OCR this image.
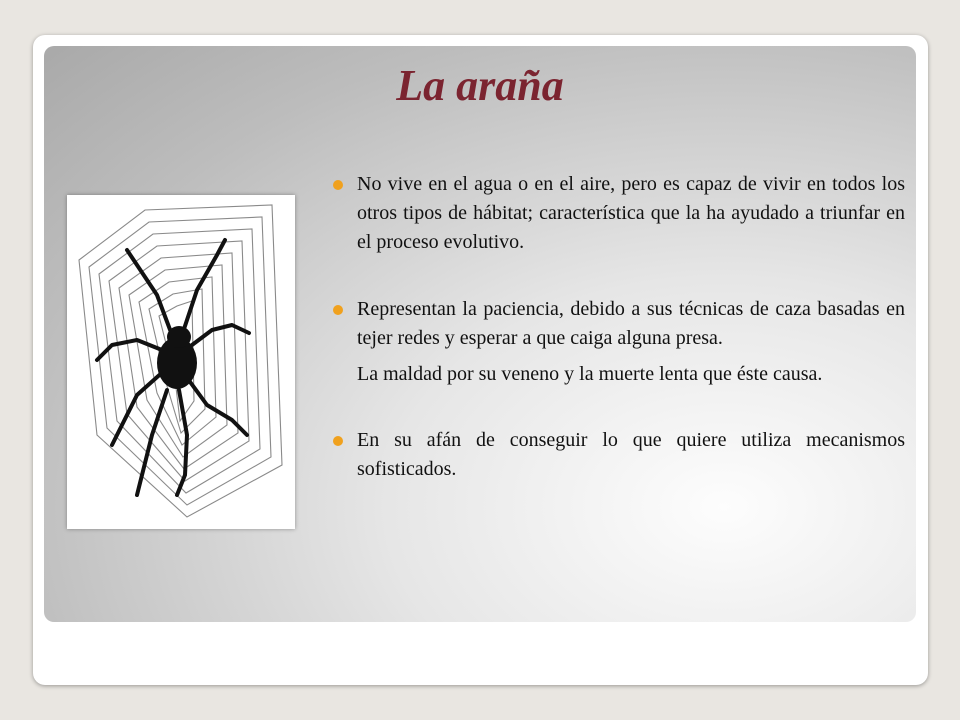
La araña

No vive en el agua o en el aire, pero es capaz de vivir en todos los otros tipos de hábitat; característica que la ha ayudado a triunfar en el proceso evolutivo.

Representan la paciencia, debido a sus técnicas de caza basadas en tejer redes y esperar a que caiga alguna presa.

La maldad por su veneno y la muerte lenta que éste causa.

En su afán de conseguir lo que quiere utiliza mecanismos sofisticados.
